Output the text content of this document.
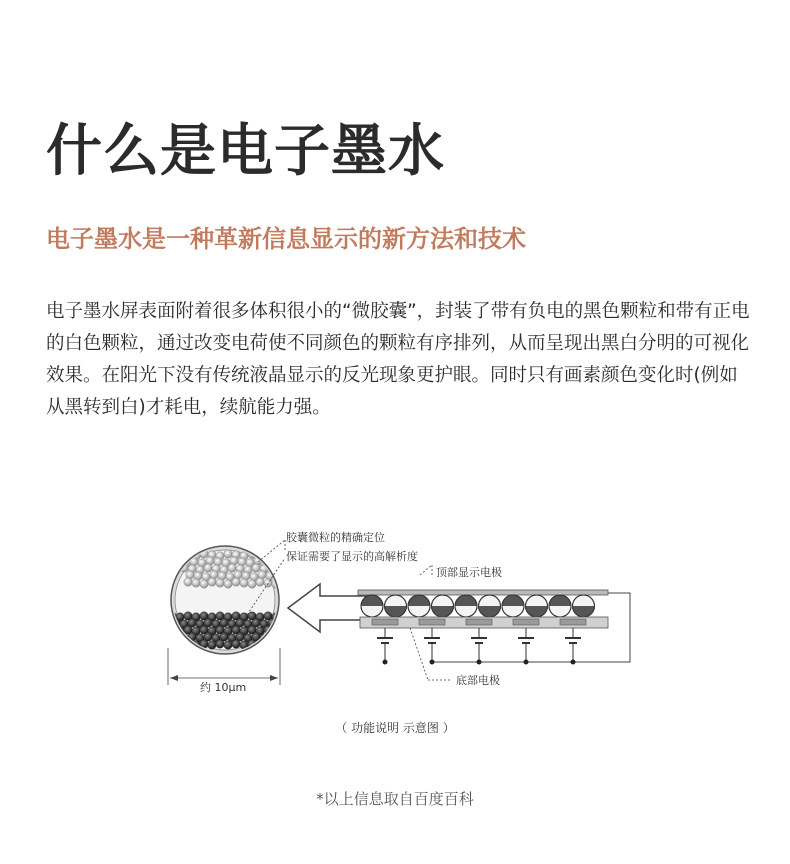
什么是电子墨水
电子墨水是一种革新信息显示的新方法和技术

电子墨水屏表面附着很多体积很小的“微胶囊”，封装了带有负电的黑色颗粒和带有正电的白色颗粒，通过改变电荷使不同颜色的颗粒有序排列，从而呈现出黑白分明的可视化效果。在阳光下没有传统液晶显示的反光现象更护眼。同时只有画素颜色变化时(例如从黑转到白)才耗电，续航能力强。

胶囊微粒的精确定位
保证需要了显示的高解析度
约 10μm
顶部显示电极
底部电极
（ 功能说明 示意图 ）
*以上信息取自百度百科
